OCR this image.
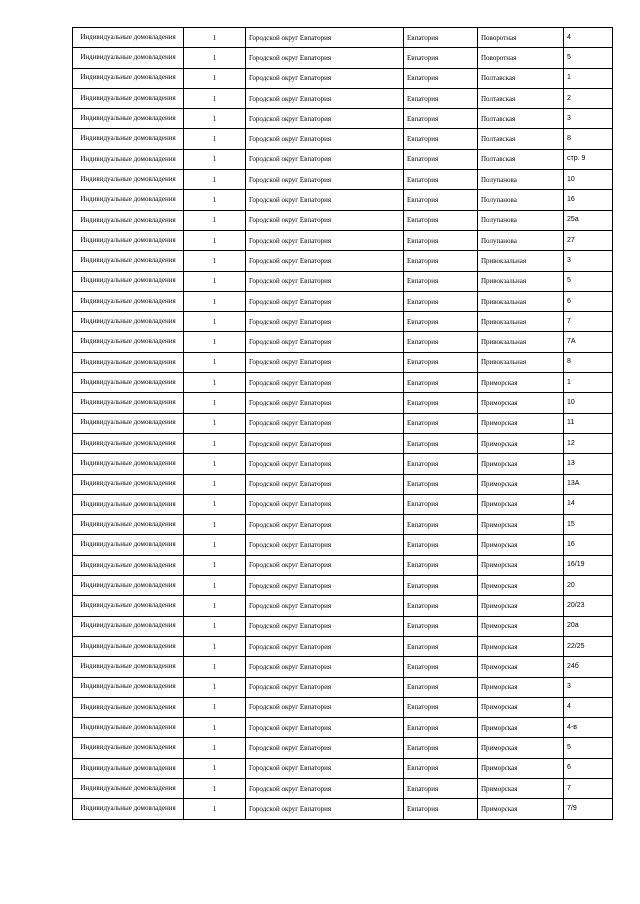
Индивидуальные домовладения	1	Городской округ Евпатория	Евпатория	Поворотная	4
Индивидуальные домовладения	1	Городской округ Евпатория	Евпатория	Поворотная	5
Индивидуальные домовладения	1	Городской округ Евпатория	Евпатория	Полтавская	1
Индивидуальные домовладения	1	Городской округ Евпатория	Евпатория	Полтавская	2
Индивидуальные домовладения	1	Городской округ Евпатория	Евпатория	Полтавская	3
Индивидуальные домовладения	1	Городской округ Евпатория	Евпатория	Полтавская	8
Индивидуальные домовладения	1	Городской округ Евпатория	Евпатория	Полтавская	стр. 9
Индивидуальные домовладения	1	Городской округ Евпатория	Евпатория	Полупанова	10
Индивидуальные домовладения	1	Городской округ Евпатория	Евпатория	Полупанова	16
Индивидуальные домовладения	1	Городской округ Евпатория	Евпатория	Полупанова	25а
Индивидуальные домовладения	1	Городской округ Евпатория	Евпатория	Полупанова	27
Индивидуальные домовладения	1	Городской округ Евпатория	Евпатория	Привокзальная	3
Индивидуальные домовладения	1	Городской округ Евпатория	Евпатория	Привокзальная	5
Индивидуальные домовладения	1	Городской округ Евпатория	Евпатория	Привокзальная	6
Индивидуальные домовладения	1	Городской округ Евпатория	Евпатория	Привокзальная	7
Индивидуальные домовладения	1	Городской округ Евпатория	Евпатория	Привокзальная	7А
Индивидуальные домовладения	1	Городской округ Евпатория	Евпатория	Привокзальная	8
Индивидуальные домовладения	1	Городской округ Евпатория	Евпатория	Приморская	1
Индивидуальные домовладения	1	Городской округ Евпатория	Евпатория	Приморская	10
Индивидуальные домовладения	1	Городской округ Евпатория	Евпатория	Приморская	11
Индивидуальные домовладения	1	Городской округ Евпатория	Евпатория	Приморская	12
Индивидуальные домовладения	1	Городской округ Евпатория	Евпатория	Приморская	13
Индивидуальные домовладения	1	Городской округ Евпатория	Евпатория	Приморская	13А
Индивидуальные домовладения	1	Городской округ Евпатория	Евпатория	Приморская	14
Индивидуальные домовладения	1	Городской округ Евпатория	Евпатория	Приморская	15
Индивидуальные домовладения	1	Городской округ Евпатория	Евпатория	Приморская	16
Индивидуальные домовладения	1	Городской округ Евпатория	Евпатория	Приморская	16/19
Индивидуальные домовладения	1	Городской округ Евпатория	Евпатория	Приморская	20
Индивидуальные домовладения	1	Городской округ Евпатория	Евпатория	Приморская	20/23
Индивидуальные домовладения	1	Городской округ Евпатория	Евпатория	Приморская	20а
Индивидуальные домовладения	1	Городской округ Евпатория	Евпатория	Приморская	22/25
Индивидуальные домовладения	1	Городской округ Евпатория	Евпатория	Приморская	24б
Индивидуальные домовладения	1	Городской округ Евпатория	Евпатория	Приморская	3
Индивидуальные домовладения	1	Городской округ Евпатория	Евпатория	Приморская	4
Индивидуальные домовладения	1	Городской округ Евпатория	Евпатория	Приморская	4-в
Индивидуальные домовладения	1	Городской округ Евпатория	Евпатория	Приморская	5
Индивидуальные домовладения	1	Городской округ Евпатория	Евпатория	Приморская	6
Индивидуальные домовладения	1	Городской округ Евпатория	Евпатория	Приморская	7
Индивидуальные домовладения	1	Городской округ Евпатория	Евпатория	Приморская	7/9
